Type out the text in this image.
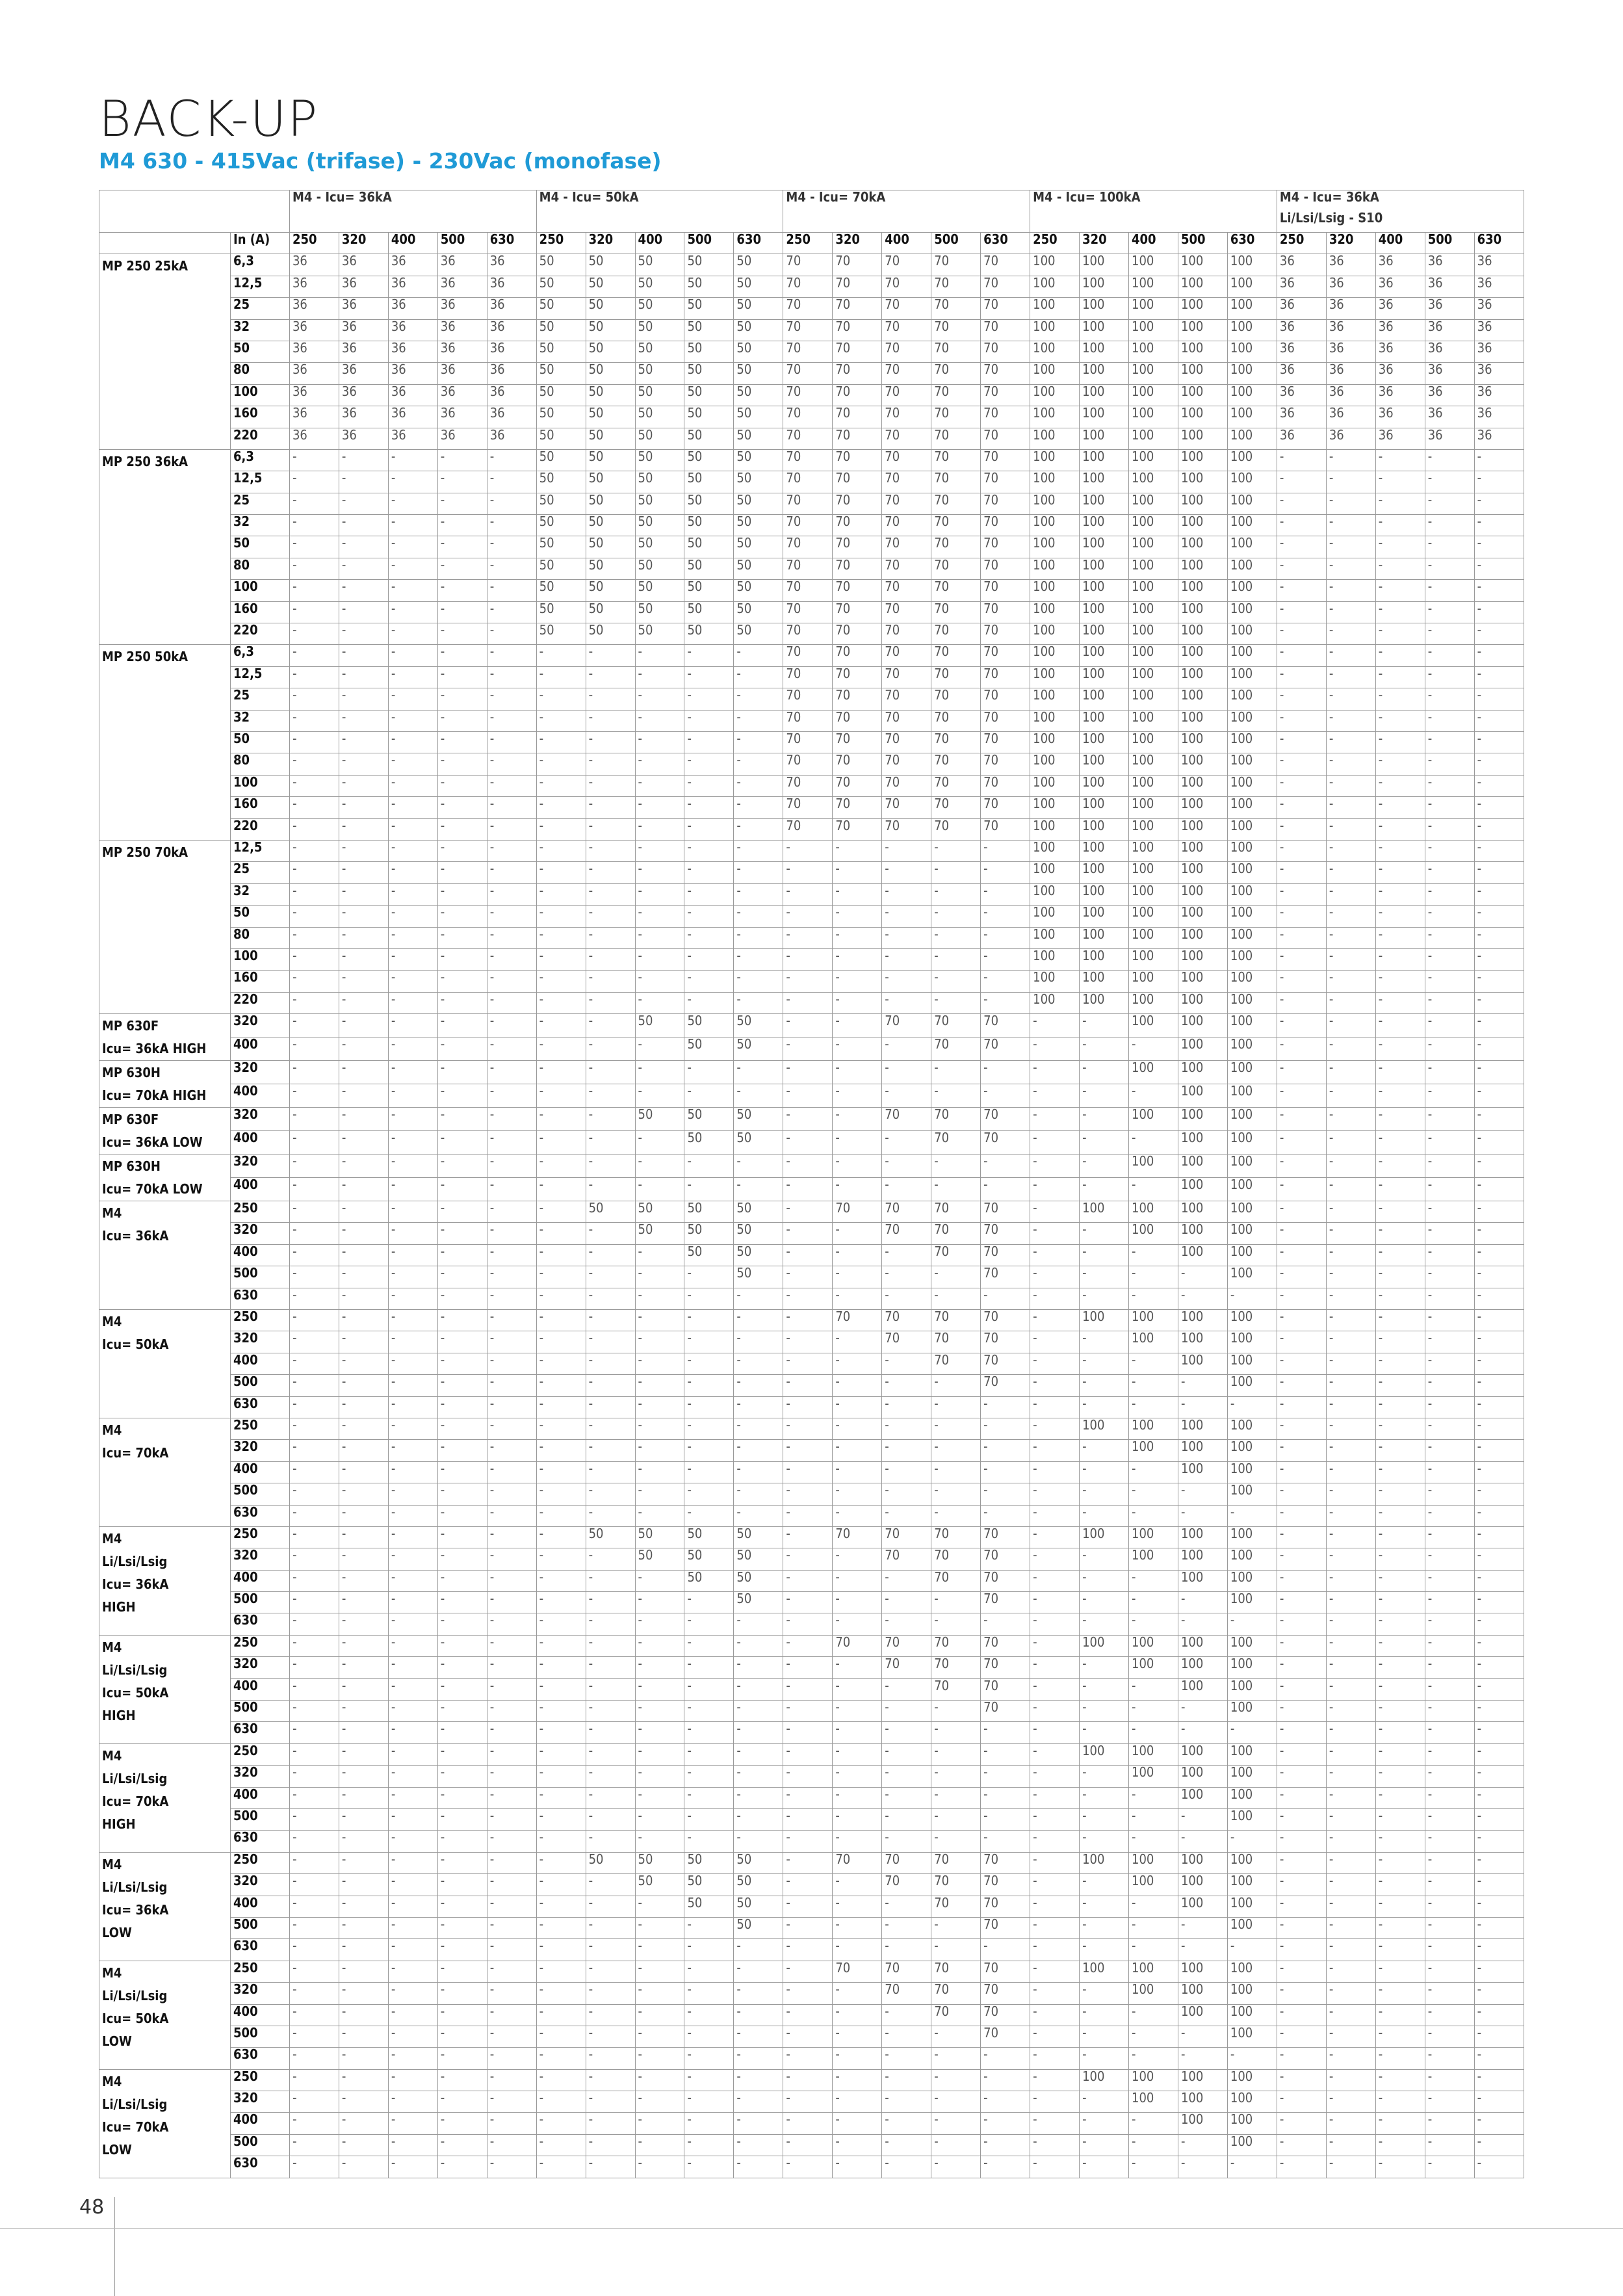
BACK-UP
M4 630 - 415Vac (trifase) - 230Vac (monofase)
		M4 - Icu= 36kA					M4 - Icu= 50kA					M4 - Icu= 70kA					M4 - Icu= 100kA					M4 - Icu= 36kA				
																						Li/Lsi/Lsig - S10				
	In (A)	250	320	400	500	630	250	320	400	500	630	250	320	400	500	630	250	320	400	500	630	250	320	400	500	630

MP 250 25kA	6,3	36	36	36	36	36	50	50	50	50	50	70	70	70	70	70	100	100	100	100	100	36	36	36	36	36
	12,5	36	36	36	36	36	50	50	50	50	50	70	70	70	70	70	100	100	100	100	100	36	36	36	36	36
	25	36	36	36	36	36	50	50	50	50	50	70	70	70	70	70	100	100	100	100	100	36	36	36	36	36
	32	36	36	36	36	36	50	50	50	50	50	70	70	70	70	70	100	100	100	100	100	36	36	36	36	36
	50	36	36	36	36	36	50	50	50	50	50	70	70	70	70	70	100	100	100	100	100	36	36	36	36	36
	80	36	36	36	36	36	50	50	50	50	50	70	70	70	70	70	100	100	100	100	100	36	36	36	36	36
	100	36	36	36	36	36	50	50	50	50	50	70	70	70	70	70	100	100	100	100	100	36	36	36	36	36
	160	36	36	36	36	36	50	50	50	50	50	70	70	70	70	70	100	100	100	100	100	36	36	36	36	36
	220	36	36	36	36	36	50	50	50	50	50	70	70	70	70	70	100	100	100	100	100	36	36	36	36	36

MP 250 36kA	6,3	-	-	-	-	-	50	50	50	50	50	70	70	70	70	70	100	100	100	100	100	-	-	-	-	-
	12,5	-	-	-	-	-	50	50	50	50	50	70	70	70	70	70	100	100	100	100	100	-	-	-	-	-
	25	-	-	-	-	-	50	50	50	50	50	70	70	70	70	70	100	100	100	100	100	-	-	-	-	-
	32	-	-	-	-	-	50	50	50	50	50	70	70	70	70	70	100	100	100	100	100	-	-	-	-	-
	50	-	-	-	-	-	50	50	50	50	50	70	70	70	70	70	100	100	100	100	100	-	-	-	-	-
	80	-	-	-	-	-	50	50	50	50	50	70	70	70	70	70	100	100	100	100	100	-	-	-	-	-
	100	-	-	-	-	-	50	50	50	50	50	70	70	70	70	70	100	100	100	100	100	-	-	-	-	-
	160	-	-	-	-	-	50	50	50	50	50	70	70	70	70	70	100	100	100	100	100	-	-	-	-	-
	220	-	-	-	-	-	50	50	50	50	50	70	70	70	70	70	100	100	100	100	100	-	-	-	-	-

MP 250 50kA	6,3	-	-	-	-	-	-	-	-	-	-	70	70	70	70	70	100	100	100	100	100	-	-	-	-	-
	12,5	-	-	-	-	-	-	-	-	-	-	70	70	70	70	70	100	100	100	100	100	-	-	-	-	-
	25	-	-	-	-	-	-	-	-	-	-	70	70	70	70	70	100	100	100	100	100	-	-	-	-	-
	32	-	-	-	-	-	-	-	-	-	-	70	70	70	70	70	100	100	100	100	100	-	-	-	-	-
	50	-	-	-	-	-	-	-	-	-	-	70	70	70	70	70	100	100	100	100	100	-	-	-	-	-
	80	-	-	-	-	-	-	-	-	-	-	70	70	70	70	70	100	100	100	100	100	-	-	-	-	-
	100	-	-	-	-	-	-	-	-	-	-	70	70	70	70	70	100	100	100	100	100	-	-	-	-	-
	160	-	-	-	-	-	-	-	-	-	-	70	70	70	70	70	100	100	100	100	100	-	-	-	-	-
	220	-	-	-	-	-	-	-	-	-	-	70	70	70	70	70	100	100	100	100	100	-	-	-	-	-

MP 250 70kA	12,5	-	-	-	-	-	-	-	-	-	-	-	-	-	-	-	100	100	100	100	100	-	-	-	-	-
	25	-	-	-	-	-	-	-	-	-	-	-	-	-	-	-	100	100	100	100	100	-	-	-	-	-
	32	-	-	-	-	-	-	-	-	-	-	-	-	-	-	-	100	100	100	100	100	-	-	-	-	-
	50	-	-	-	-	-	-	-	-	-	-	-	-	-	-	-	100	100	100	100	100	-	-	-	-	-
	80	-	-	-	-	-	-	-	-	-	-	-	-	-	-	-	100	100	100	100	100	-	-	-	-	-
	100	-	-	-	-	-	-	-	-	-	-	-	-	-	-	-	100	100	100	100	100	-	-	-	-	-
	160	-	-	-	-	-	-	-	-	-	-	-	-	-	-	-	100	100	100	100	100	-	-	-	-	-
	220	-	-	-	-	-	-	-	-	-	-	-	-	-	-	-	100	100	100	100	100	-	-	-	-	-

MP 630F
Icu= 36kA HIGH	320	-	-	-	-	-	-	-	50	50	50	-	-	70	70	70	-	-	100	100	100	-	-	-	-	-
	400	-	-	-	-	-	-	-	-	50	50	-	-	-	70	70	-	-	-	100	100	-	-	-	-	-

MP 630H
Icu= 70kA HIGH	320	-	-	-	-	-	-	-	-	-	-	-	-	-	-	-	-	-	100	100	100	-	-	-	-	-
	400	-	-	-	-	-	-	-	-	-	-	-	-	-	-	-	-	-	-	100	100	-	-	-	-	-

MP 630F
Icu= 36kA LOW	320	-	-	-	-	-	-	-	50	50	50	-	-	70	70	70	-	-	100	100	100	-	-	-	-	-
	400	-	-	-	-	-	-	-	-	50	50	-	-	-	70	70	-	-	-	100	100	-	-	-	-	-

MP 630H
Icu= 70kA LOW	320	-	-	-	-	-	-	-	-	-	-	-	-	-	-	-	-	-	100	100	100	-	-	-	-	-
	400	-	-	-	-	-	-	-	-	-	-	-	-	-	-	-	-	-	-	100	100	-	-	-	-	-

M4
Icu= 36kA	250	-	-	-	-	-	-	50	50	50	50	-	70	70	70	70	-	100	100	100	100	-	-	-	-	-
	320	-	-	-	-	-	-	-	50	50	50	-	-	70	70	70	-	-	100	100	100	-	-	-	-	-
	400	-	-	-	-	-	-	-	-	50	50	-	-	-	70	70	-	-	-	100	100	-	-	-	-	-
	500	-	-	-	-	-	-	-	-	-	50	-	-	-	-	70	-	-	-	-	100	-	-	-	-	-
	630	-	-	-	-	-	-	-	-	-	-	-	-	-	-	-	-	-	-	-	-	-	-	-	-	-

M4
Icu= 50kA	250	-	-	-	-	-	-	-	-	-	-	-	70	70	70	70	-	100	100	100	100	-	-	-	-	-
	320	-	-	-	-	-	-	-	-	-	-	-	-	70	70	70	-	-	100	100	100	-	-	-	-	-
	400	-	-	-	-	-	-	-	-	-	-	-	-	-	70	70	-	-	-	100	100	-	-	-	-	-
	500	-	-	-	-	-	-	-	-	-	-	-	-	-	-	70	-	-	-	-	100	-	-	-	-	-
	630	-	-	-	-	-	-	-	-	-	-	-	-	-	-	-	-	-	-	-	-	-	-	-	-	-

M4
Icu= 70kA	250	-	-	-	-	-	-	-	-	-	-	-	-	-	-	-	-	100	100	100	100	-	-	-	-	-
	320	-	-	-	-	-	-	-	-	-	-	-	-	-	-	-	-	-	100	100	100	-	-	-	-	-
	400	-	-	-	-	-	-	-	-	-	-	-	-	-	-	-	-	-	-	100	100	-	-	-	-	-
	500	-	-	-	-	-	-	-	-	-	-	-	-	-	-	-	-	-	-	-	100	-	-	-	-	-
	630	-	-	-	-	-	-	-	-	-	-	-	-	-	-	-	-	-	-	-	-	-	-	-	-	-

M4
Li/Lsi/Lsig
Icu= 36kA
HIGH	250	-	-	-	-	-	-	50	50	50	50	-	70	70	70	70	-	100	100	100	100	-	-	-	-	-
	320	-	-	-	-	-	-	-	50	50	50	-	-	70	70	70	-	-	100	100	100	-	-	-	-	-
	400	-	-	-	-	-	-	-	-	50	50	-	-	-	70	70	-	-	-	100	100	-	-	-	-	-
	500	-	-	-	-	-	-	-	-	-	50	-	-	-	-	70	-	-	-	-	100	-	-	-	-	-
	630	-	-	-	-	-	-	-	-	-	-	-	-	-	-	-	-	-	-	-	-	-	-	-	-	-

M4
Li/Lsi/Lsig
Icu= 50kA
HIGH	250	-	-	-	-	-	-	-	-	-	-	-	70	70	70	70	-	100	100	100	100	-	-	-	-	-
	320	-	-	-	-	-	-	-	-	-	-	-	-	70	70	70	-	-	100	100	100	-	-	-	-	-
	400	-	-	-	-	-	-	-	-	-	-	-	-	-	70	70	-	-	-	100	100	-	-	-	-	-
	500	-	-	-	-	-	-	-	-	-	-	-	-	-	-	70	-	-	-	-	100	-	-	-	-	-
	630	-	-	-	-	-	-	-	-	-	-	-	-	-	-	-	-	-	-	-	-	-	-	-	-	-

M4
Li/Lsi/Lsig
Icu= 70kA
HIGH	250	-	-	-	-	-	-	-	-	-	-	-	-	-	-	-	-	100	100	100	100	-	-	-	-	-
	320	-	-	-	-	-	-	-	-	-	-	-	-	-	-	-	-	-	100	100	100	-	-	-	-	-
	400	-	-	-	-	-	-	-	-	-	-	-	-	-	-	-	-	-	-	100	100	-	-	-	-	-
	500	-	-	-	-	-	-	-	-	-	-	-	-	-	-	-	-	-	-	-	100	-	-	-	-	-
	630	-	-	-	-	-	-	-	-	-	-	-	-	-	-	-	-	-	-	-	-	-	-	-	-	-

M4
Li/Lsi/Lsig
Icu= 36kA
LOW	250	-	-	-	-	-	-	50	50	50	50	-	70	70	70	70	-	100	100	100	100	-	-	-	-	-
	320	-	-	-	-	-	-	-	50	50	50	-	-	70	70	70	-	-	100	100	100	-	-	-	-	-
	400	-	-	-	-	-	-	-	-	50	50	-	-	-	70	70	-	-	-	100	100	-	-	-	-	-
	500	-	-	-	-	-	-	-	-	-	50	-	-	-	-	70	-	-	-	-	100	-	-	-	-	-
	630	-	-	-	-	-	-	-	-	-	-	-	-	-	-	-	-	-	-	-	-	-	-	-	-	-

M4
Li/Lsi/Lsig
Icu= 50kA
LOW	250	-	-	-	-	-	-	-	-	-	-	-	70	70	70	70	-	100	100	100	100	-	-	-	-	-
	320	-	-	-	-	-	-	-	-	-	-	-	-	70	70	70	-	-	100	100	100	-	-	-	-	-
	400	-	-	-	-	-	-	-	-	-	-	-	-	-	70	70	-	-	-	100	100	-	-	-	-	-
	500	-	-	-	-	-	-	-	-	-	-	-	-	-	-	70	-	-	-	-	100	-	-	-	-	-
	630	-	-	-	-	-	-	-	-	-	-	-	-	-	-	-	-	-	-	-	-	-	-	-	-	-

M4
Li/Lsi/Lsig
Icu= 70kA
LOW	250	-	-	-	-	-	-	-	-	-	-	-	-	-	-	-	-	100	100	100	100	-	-	-	-	-
	320	-	-	-	-	-	-	-	-	-	-	-	-	-	-	-	-	-	100	100	100	-	-	-	-	-
	400	-	-	-	-	-	-	-	-	-	-	-	-	-	-	-	-	-	-	100	100	-	-	-	-	-
	500	-	-	-	-	-	-	-	-	-	-	-	-	-	-	-	-	-	-	-	100	-	-	-	-	-
	630	-	-	-	-	-	-	-	-	-	-	-	-	-	-	-	-	-	-	-	-	-	-	-	-	-
48
